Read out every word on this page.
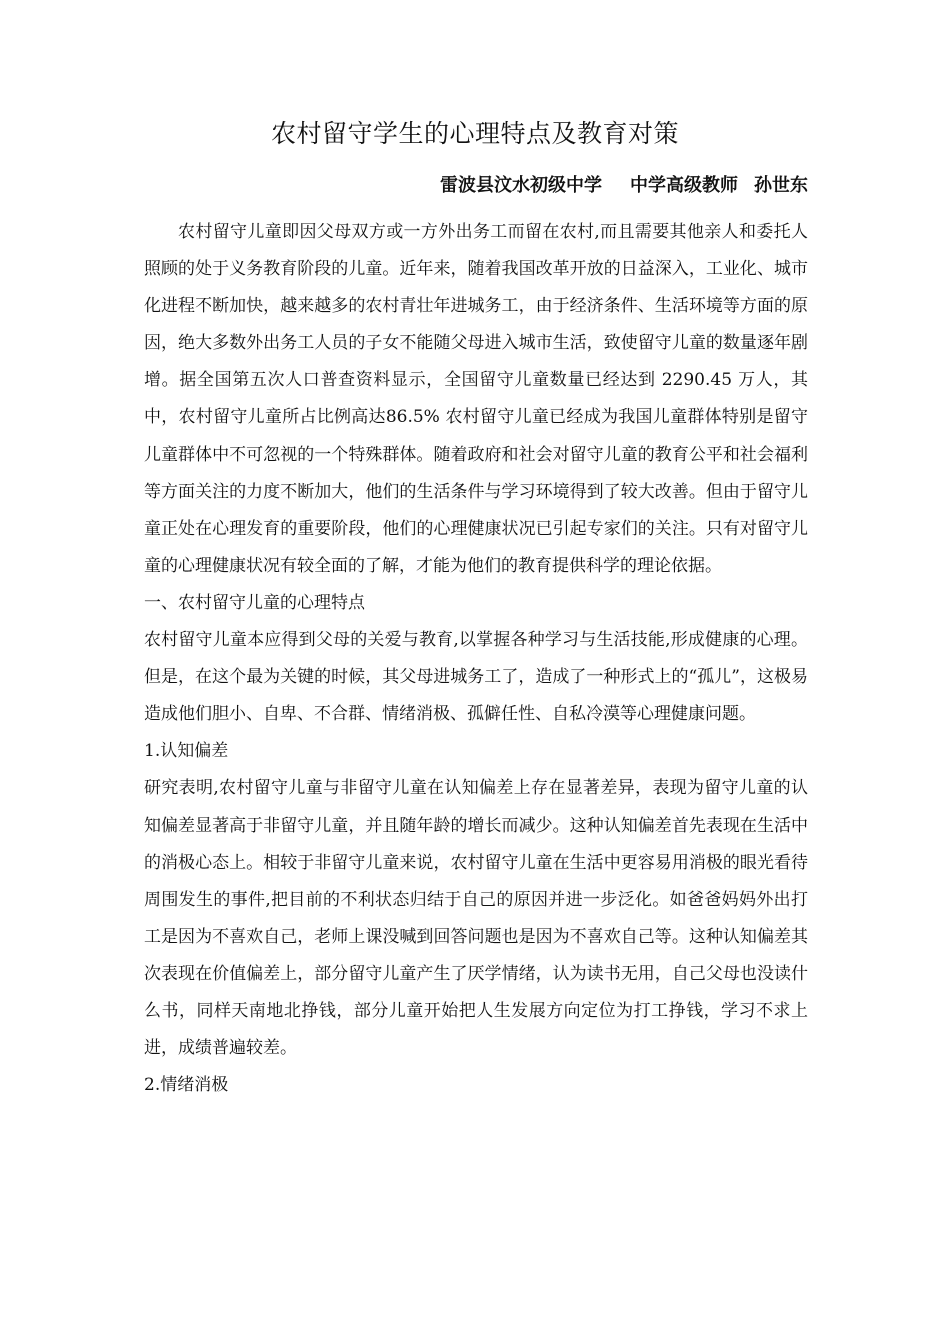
农村留守学生的心理特点及教育对策
雷波县汶水初级中学 中学高级教师 孙世东

农村留守儿童即因父母双方或一方外出务工而留在农村,而且需要其他亲人和委托人照顾的处于义务教育阶段的儿童。近年来，随着我国改革开放的日益深入，工业化、城市化进程不断加快，越来越多的农村青壮年进城务工，由于经济条件、生活环境等方面的原因，绝大多数外出务工人员的子女不能随父母进入城市生活，致使留守儿童的数量逐年剧增。据全国第五次人口普查资料显示，全国留守儿童数量已经达到 2290.45 万人，其中，农村留守儿童所占比例高达86.5% 农村留守儿童已经成为我国儿童群体特别是留守儿童群体中不可忽视的一个特殊群体。随着政府和社会对留守儿童的教育公平和社会福利等方面关注的力度不断加大，他们的生活条件与学习环境得到了较大改善。但由于留守儿童正处在心理发育的重要阶段，他们的心理健康状况已引起专家们的关注。只有对留守儿童的心理健康状况有较全面的了解，才能为他们的教育提供科学的理论依据。

一、农村留守儿童的心理特点

农村留守儿童本应得到父母的关爱与教育,以掌握各种学习与生活技能,形成健康的心理。但是，在这个最为关键的时候，其父母进城务工了，造成了一种形式上的“孤儿”，这极易造成他们胆小、自卑、不合群、情绪消极、孤僻任性、自私冷漠等心理健康问题。

1.认知偏差

研究表明,农村留守儿童与非留守儿童在认知偏差上存在显著差异，表现为留守儿童的认知偏差显著高于非留守儿童，并且随年龄的增长而减少。这种认知偏差首先表现在生活中的消极心态上。相较于非留守儿童来说，农村留守儿童在生活中更容易用消极的眼光看待周围发生的事件,把目前的不利状态归结于自己的原因并进一步泛化。如爸爸妈妈外出打工是因为不喜欢自己，老师上课没喊到回答问题也是因为不喜欢自己等。这种认知偏差其次表现在价值偏差上，部分留守儿童产生了厌学情绪，认为读书无用，自己父母也没读什么书，同样天南地北挣钱，部分儿童开始把人生发展方向定位为打工挣钱，学习不求上进，成绩普遍较差。

2.情绪消极
